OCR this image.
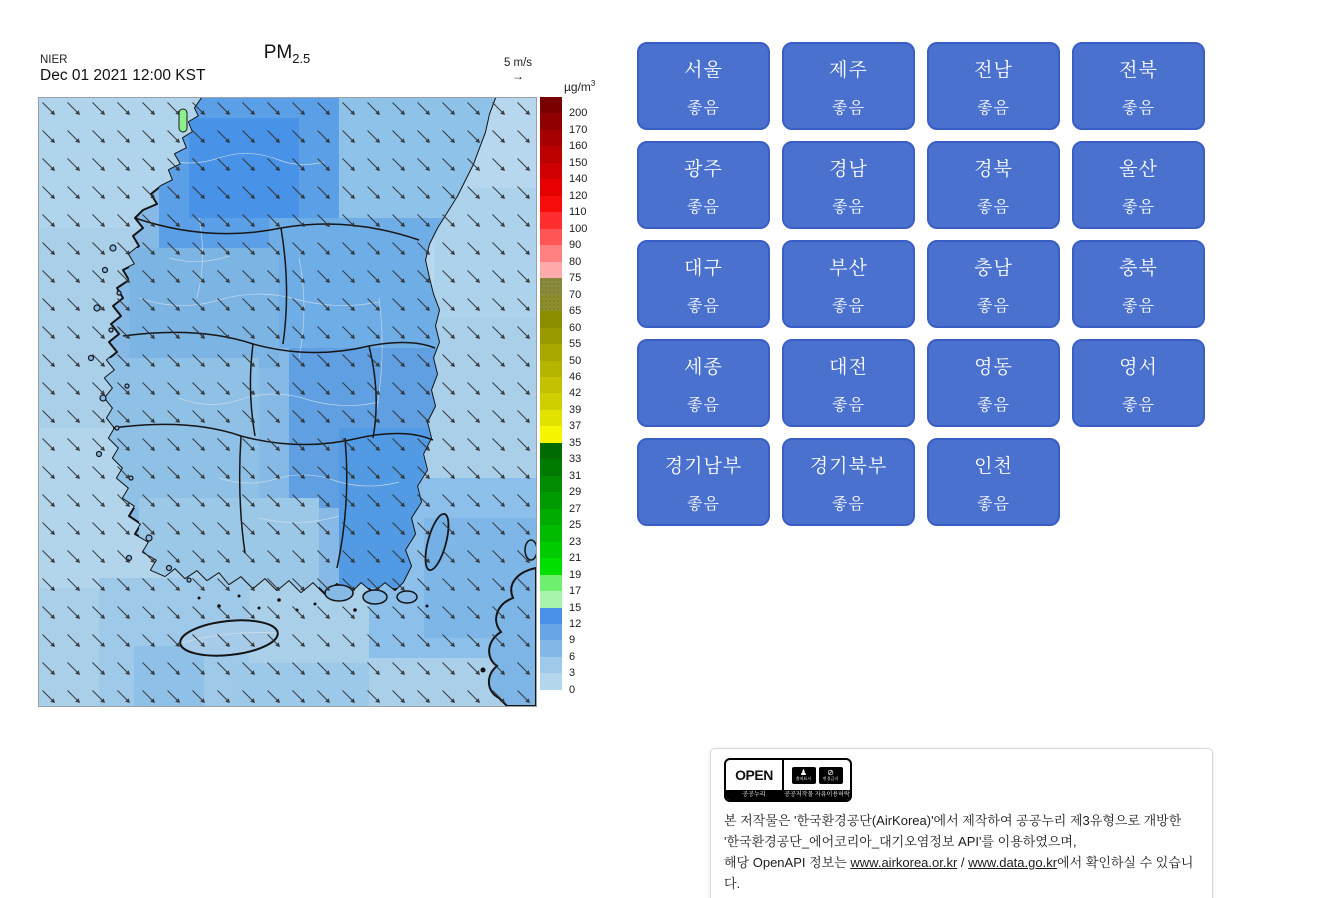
NIER
Dec 01 2021 12:00 KST
$PM_{2.5}$	5 m/s
→
$\mu g/m^3$
200
170
160
150
140
120
110
100
90
80
75
70
65
60
55
50
46
42
39
37
35
33
31
29
27
25
23
21
19
17
15
12
9
6
3
0
서울
좋음
제주
좋음
전남
좋음
전북
좋음
광주
좋음
경남
좋음
경북
좋음
울산
좋음
대구
좋음
부산
좋음
충남
좋음
충북
좋음
세종
좋음
대전
좋음
영동
좋음
영서
좋음
경기남부
좋음
경기북부
좋음
인천
좋음
OPEN
공공누리
♟
출처표시
⊘
변경금지
공공저작물 자유이용허락

본 저작물은 '한국환경공단(AirKorea)'에서 제작하여 공공누리 제3유형으로 개방한 '한국환경공단_에어코리아_대기오염정보 API'를 이용하였으며,
해당 OpenAPI 정보는 www.airkorea.or.kr / www.data.go.kr에서 확인하실 수 있습니다.
